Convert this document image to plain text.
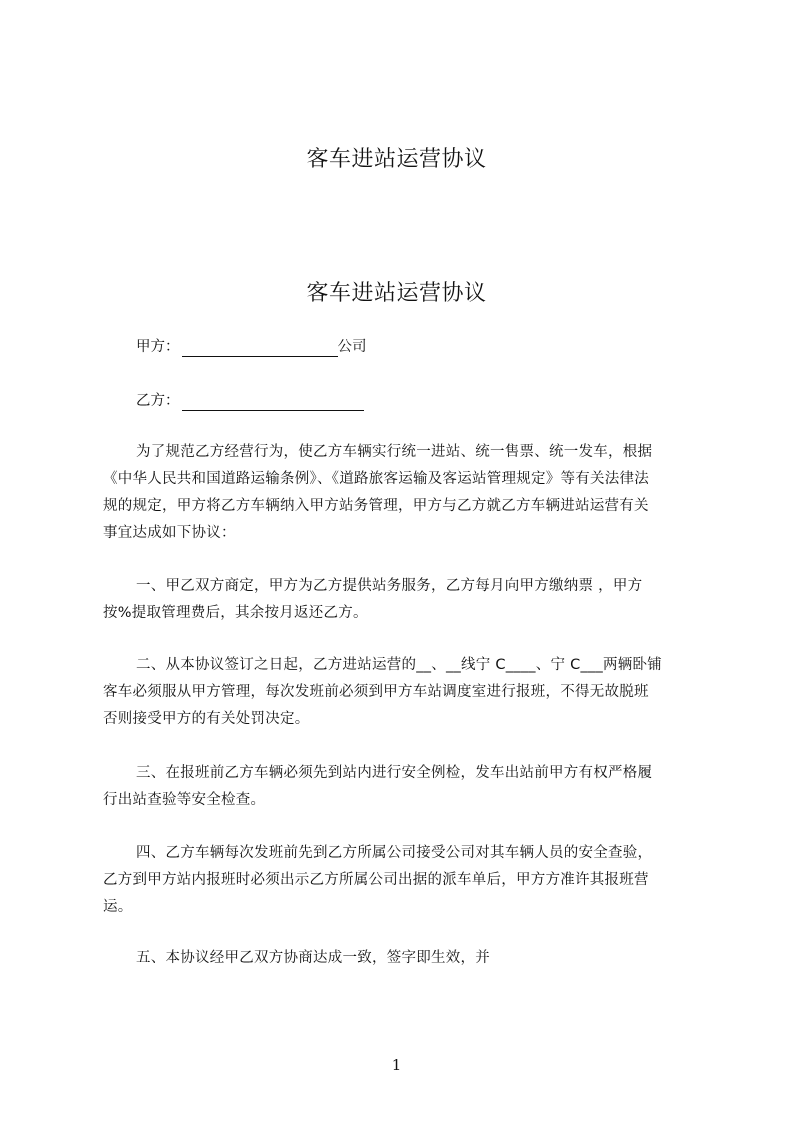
客车进站运营协议
客车进站运营协议
甲方：	公司
乙方：

为了规范乙方经营行为，使乙方车辆实行统一进站、统一售票、统一发车，根据

《中华人民共和国道路运输条例》、《道路旅客运输及客运站管理规定》等有关法律法

规的规定，甲方将乙方车辆纳入甲方站务管理，甲方与乙方就乙方车辆进站运营有关

事宜达成如下协议：

一、甲乙双方商定，甲方为乙方提供站务服务，乙方每月向甲方缴纳票 ，甲方

按%提取管理费后，其余按月返还乙方。

二、从本协议签订之日起，乙方进站运营的__、__线宁 C____、宁 C___两辆卧铺

客车必须服从甲方管理，每次发班前必须到甲方车站调度室进行报班，不得无故脱班

否则接受甲方的有关处罚决定。

三、在报班前乙方车辆必须先到站内进行安全例检，发车出站前甲方有权严格履

行出站查验等安全检查。

四、乙方车辆每次发班前先到乙方所属公司接受公司对其车辆人员的安全查验，

乙方到甲方站内报班时必须出示乙方所属公司出据的派车单后，甲方方准许其报班营

运。

五、本协议经甲乙双方协商达成一致，签字即生效，并

1
